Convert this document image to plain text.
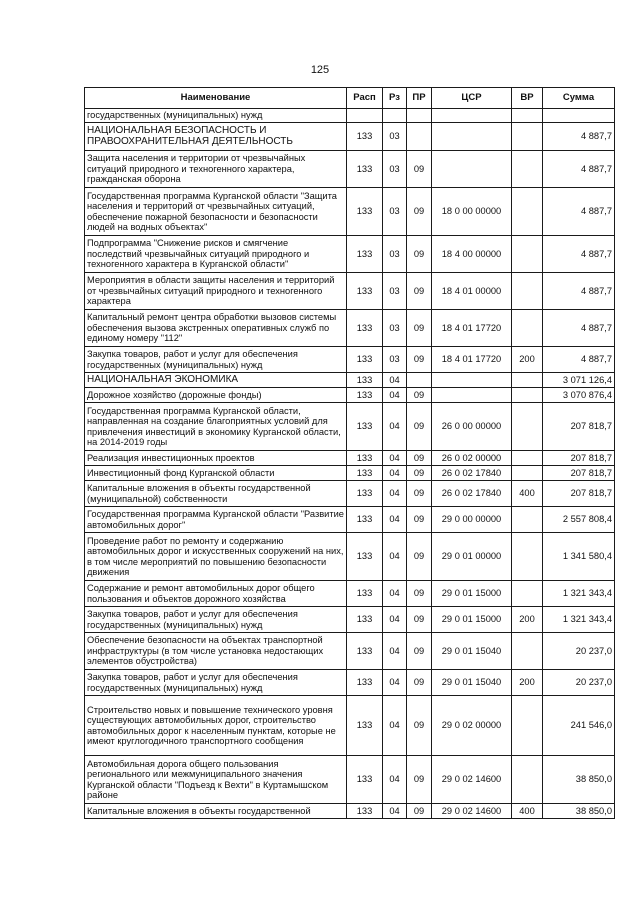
125
Наименование	Расп	Рз	ПР	ЦСР	ВР	Сумма
государственных (муниципальных) нужд						
НАЦИОНАЛЬНАЯ БЕЗОПАСНОСТЬ И ПРАВООХРАНИТЕЛЬНАЯ ДЕЯТЕЛЬНОСТЬ	133	03				4 887,7
Защита населения и территории от чрезвычайных ситуаций природного и техногенного характера, гражданская оборона	133	03	09			4 887,7
Государственная программа Курганской области "Защита населения и территорий от чрезвычайных ситуаций, обеспечение пожарной безопасности и безопасности людей на водных объектах"	133	03	09	18 0 00 00000		4 887,7
Подпрограмма "Снижение рисков и смягчение последствий чрезвычайных ситуаций природного и техногенного характера в Курганской области"	133	03	09	18 4 00 00000		4 887,7
Мероприятия в области защиты населения и территорий от чрезвычайных ситуаций природного и техногенного характера	133	03	09	18 4 01 00000		4 887,7
Капитальный ремонт центра обработки вызовов системы обеспечения вызова экстренных оперативных служб по единому номеру "112"	133	03	09	18 4 01 17720		4 887,7
Закупка товаров, работ и услуг для обеспечения государственных (муниципальных) нужд	133	03	09	18 4 01 17720	200	4 887,7
НАЦИОНАЛЬНАЯ ЭКОНОМИКА	133	04				3 071 126,4
Дорожное хозяйство (дорожные фонды)	133	04	09			3 070 876,4
Государственная программа Курганской области, направленная на создание благоприятных условий для привлечения инвестиций в экономику Курганской области, на 2014-2019 годы	133	04	09	26 0 00 00000		207 818,7
Реализация инвестиционных проектов	133	04	09	26 0 02 00000		207 818,7
Инвестиционный фонд Курганской области	133	04	09	26 0 02 17840		207 818,7
Капитальные вложения в объекты государственной (муниципальной) собственности	133	04	09	26 0 02 17840	400	207 818,7
Государственная программа Курганской области "Развитие автомобильных дорог"	133	04	09	29 0 00 00000		2 557 808,4
Проведение работ по ремонту и содержанию автомобильных дорог и искусственных сооружений на них, в том числе мероприятий по повышению безопасности движения	133	04	09	29 0 01 00000		1 341 580,4
Содержание и ремонт автомобильных дорог общего пользования и объектов дорожного хозяйства	133	04	09	29 0 01 15000		1 321 343,4
Закупка товаров, работ и услуг для обеспечения государственных (муниципальных) нужд	133	04	09	29 0 01 15000	200	1 321 343,4
Обеспечение безопасности на объектах транспортной инфраструктуры (в том числе установка недостающих элементов обустройства)	133	04	09	29 0 01 15040		20 237,0
Закупка товаров, работ и услуг для обеспечения государственных (муниципальных) нужд	133	04	09	29 0 01 15040	200	20 237,0
Строительство новых и повышение технического уровня существующих автомобильных дорог, строительство автомобильных дорог к населенным пунктам, которые не имеют круглогодичного транспортного сообщения	133	04	09	29 0 02 00000		241 546,0
Автомобильная дорога общего пользования регионального или межмуниципального значения Курганской области "Подъезд к Вехти" в Куртамышском районе	133	04	09	29 0 02 14600		38 850,0
Капитальные вложения в объекты государственной	133	04	09	29 0 02 14600	400	38 850,0
